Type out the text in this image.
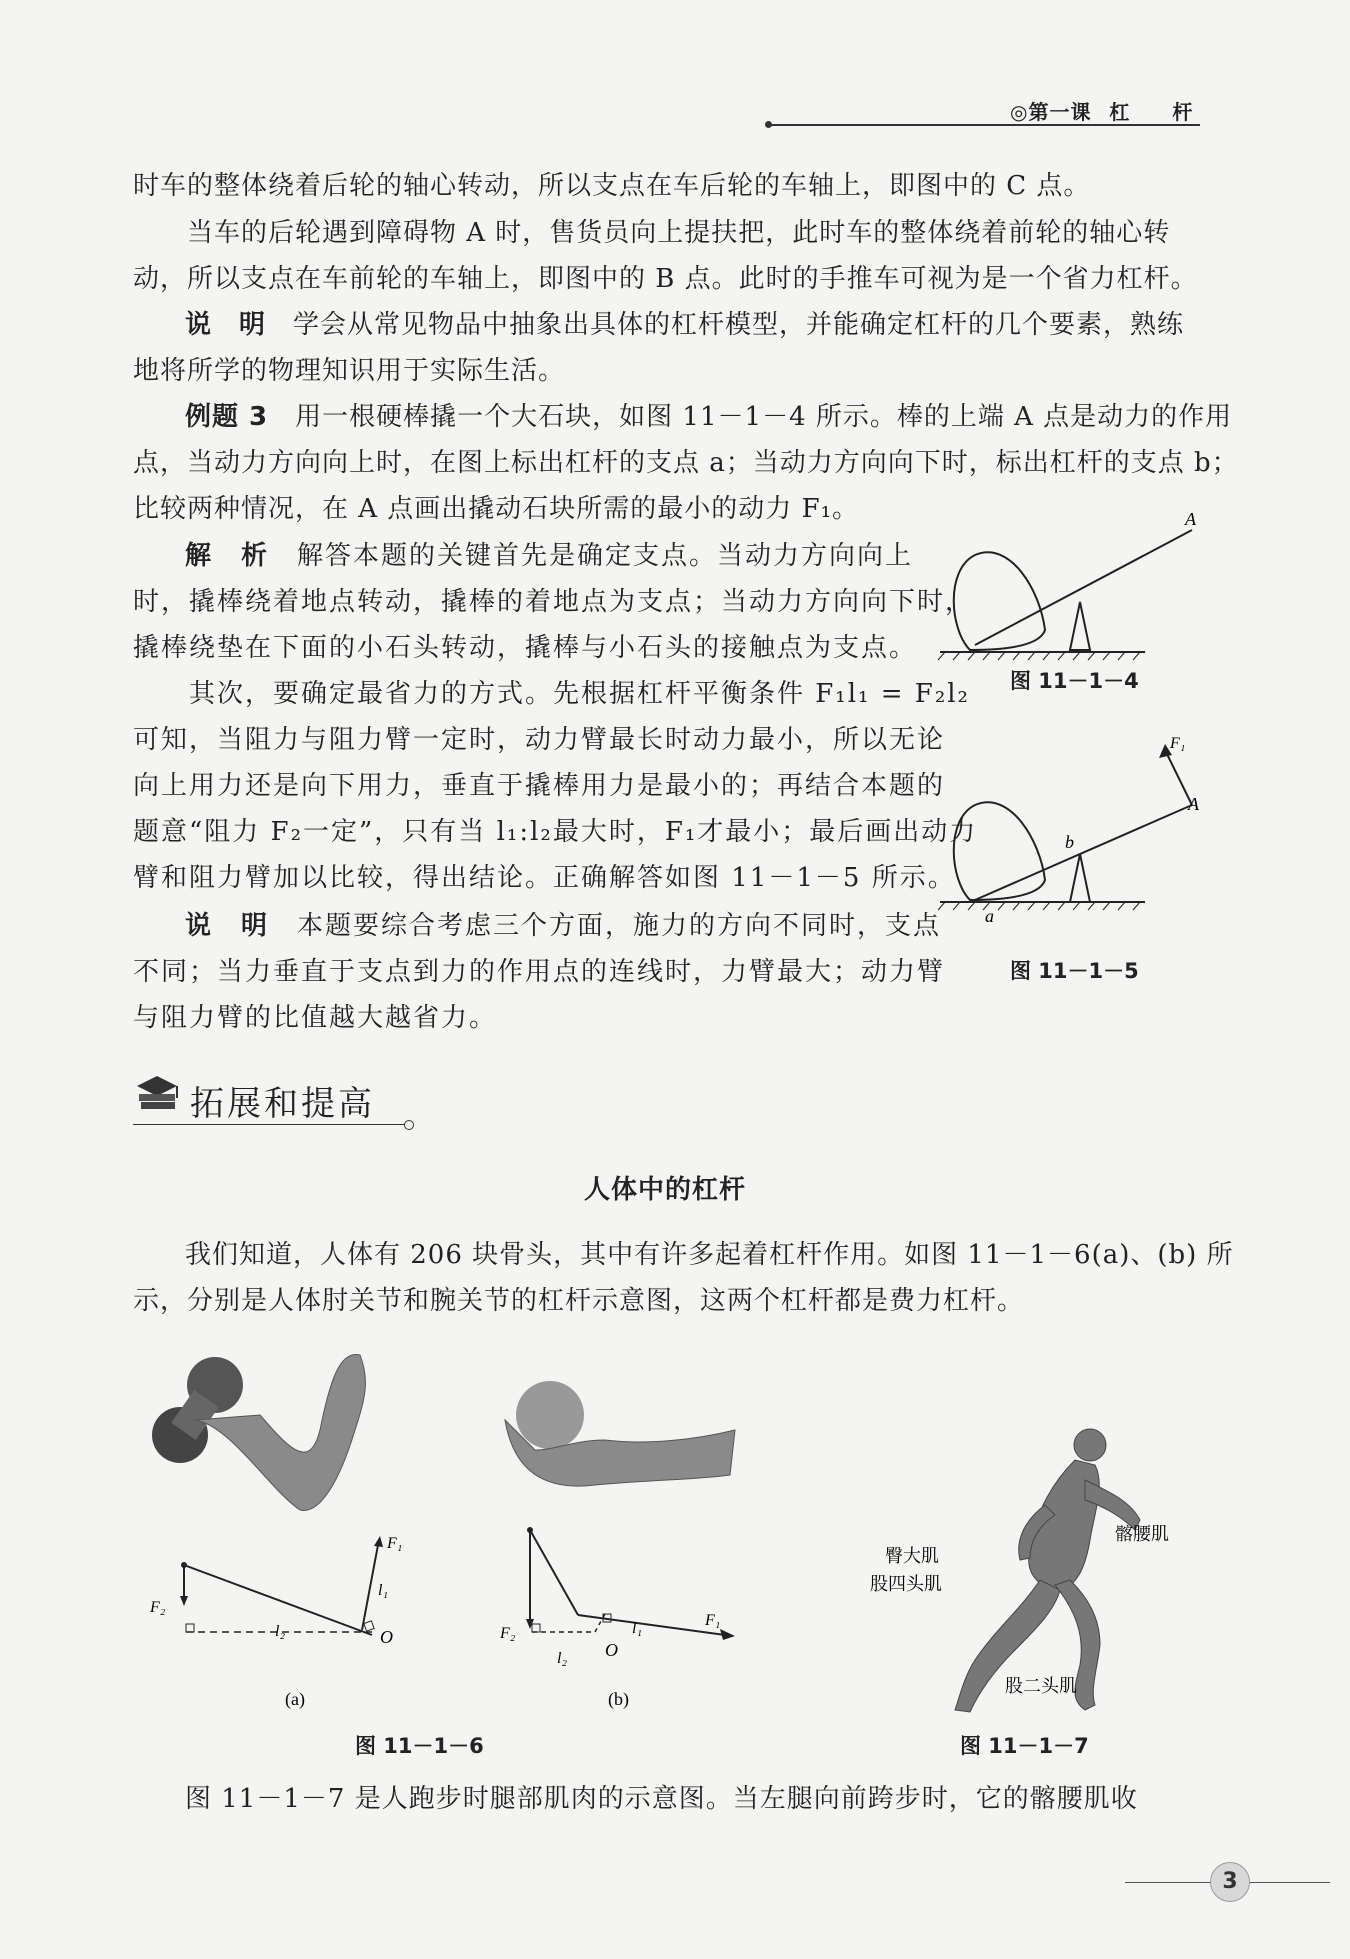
◎第一课 杠　　杆

时车的整体绕着后轮的轴心转动，所以支点在车后轮的车轴上，即图中的 C 点。

　　当车的后轮遇到障碍物 A 时，售货员向上提扶把，此时车的整体绕着前轮的轴心转

动，所以支点在车前轮的车轴上，即图中的 B 点。此时的手推车可视为是一个省力杠杆。

说　明　 学会从常见物品中抽象出具体的杠杆模型，并能确定杠杆的几个要素，熟练

地将所学的物理知识用于实际生活。

例题 3　 用一根硬棒撬一个大石块，如图 11－1－4 所示。棒的上端 A 点是动力的作用

点，当动力方向向上时，在图上标出杠杆的支点 a；当动力方向向下时，标出杠杆的支点 b；

比较两种情况，在 A 点画出撬动石块所需的最小的动力 F₁。

解　析　 解答本题的关键首先是确定支点。当动力方向向上

时，撬棒绕着地点转动，撬棒的着地点为支点；当动力方向向下时，

撬棒绕垫在下面的小石头转动，撬棒与小石头的接触点为支点。

　　其次，要确定最省力的方式。先根据杠杆平衡条件 F₁l₁ = F₂l₂

可知，当阻力与阻力臂一定时，动力臂最长时动力最小，所以无论

向上用力还是向下用力，垂直于撬棒用力是最小的；再结合本题的

题意“阻力 F₂一定”，只有当 l₁:l₂最大时，F₁才最小；最后画出动力

臂和阻力臂加以比较，得出结论。正确解答如图 11－1－5 所示。

说　明　 本题要综合考虑三个方面，施力的方向不同时，支点

不同；当力垂直于支点到力的作用点的连线时，力臂最大；动力臂

与阻力臂的比值越大越省力。

A
图 11－1－4
F₁
A
b
a
图 11－1－5
拓展和提高
人体中的杠杆

我们知道，人体有 206 块骨头，其中有许多起着杠杆作用。如图 11－1－6(a)、(b) 所

示，分别是人体肘关节和腕关节的杠杆示意图，这两个杠杆都是费力杠杆。

F₁
F₂
l₁
l₂	O
(a)
F₁
F₂	l₁
l₂ O
(b)
图 11－1－6
髂腰肌
臀大肌
股四头肌
股二头肌
图 11－1－7

图 11－1－7 是人跑步时腿部肌肉的示意图。当左腿向前跨步时，它的髂腰肌收

3
